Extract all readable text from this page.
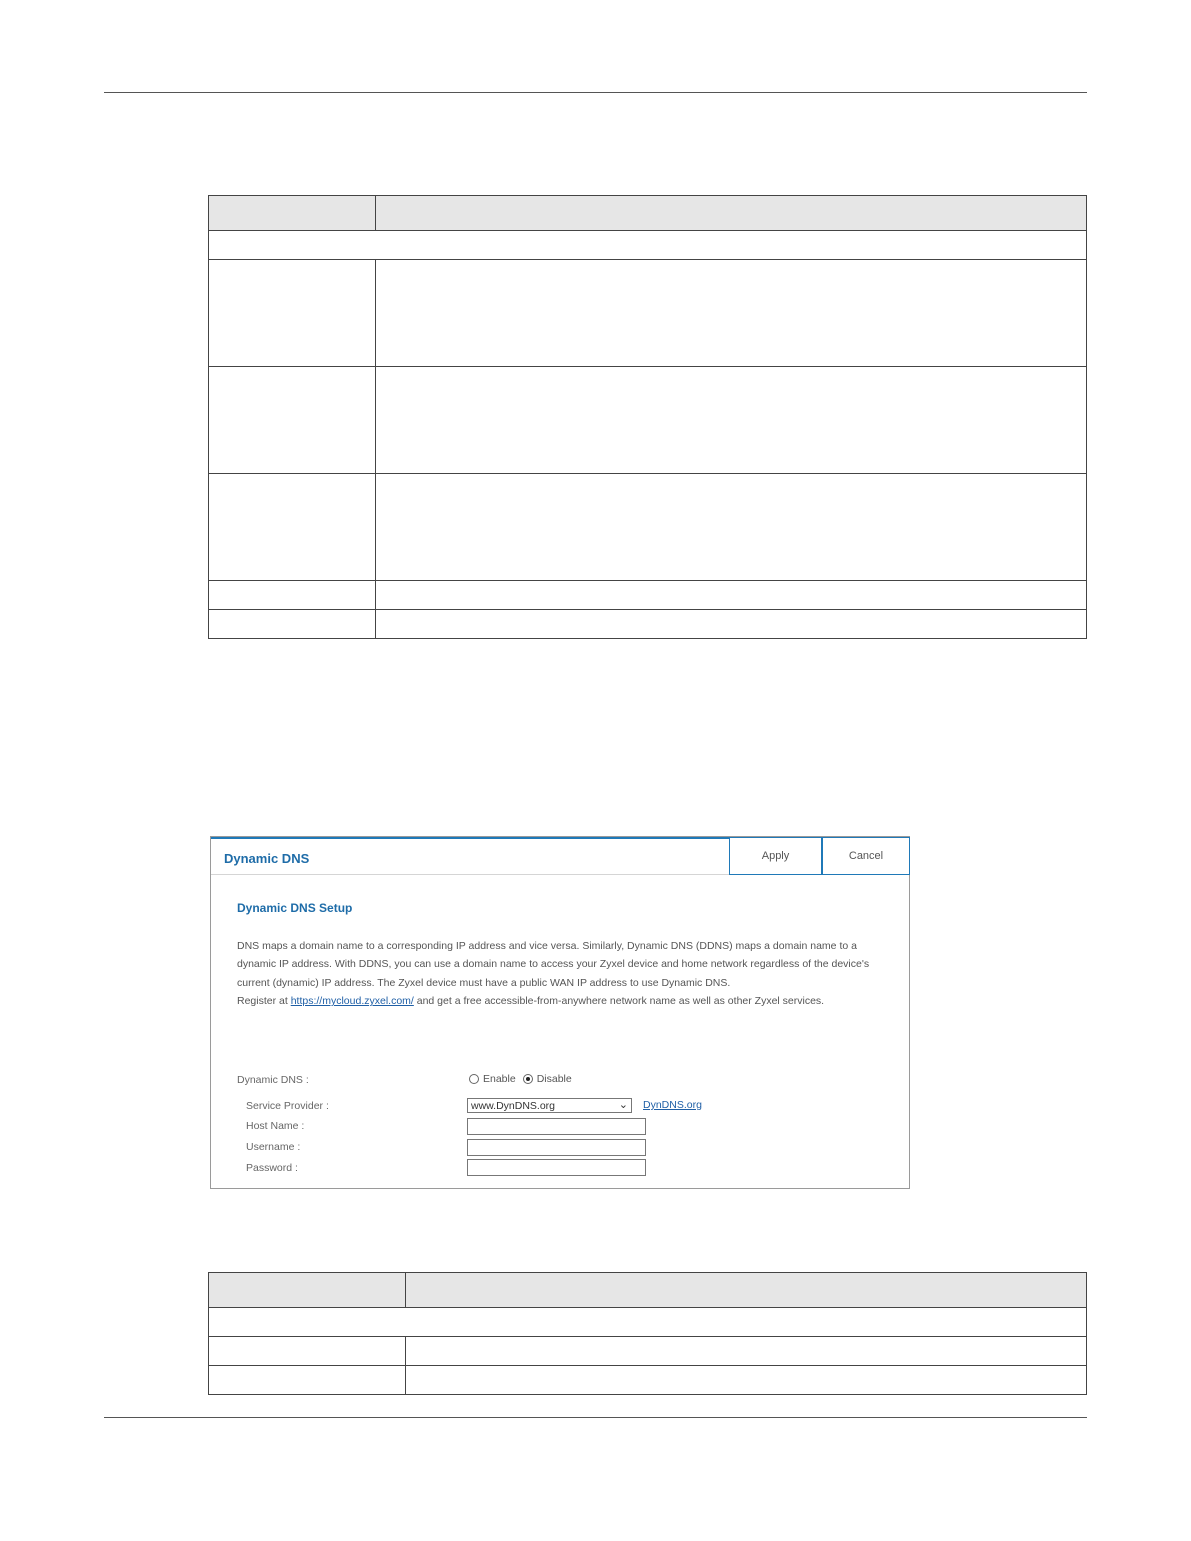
Dynamic DNS	Apply	Cancel
Dynamic DNS Setup
DNS maps a domain name to a corresponding IP address and vice versa. Similarly, Dynamic DNS (DDNS) maps a domain name to a dynamic IP address. With DDNS, you can use a domain name to access your Zyxel device and home network regardless of the device's current (dynamic) IP address. The Zyxel device must have a public WAN IP address to use Dynamic DNS.
Register at https://mycloud.zyxel.com/ and get a free accessible-from-anywhere network name as well as other Zyxel services.
Dynamic DNS :	Enable Disable
Service Provider :	www.DynDNS.org	⌄ DynDNS.org
Host Name :
Username :
Password :
